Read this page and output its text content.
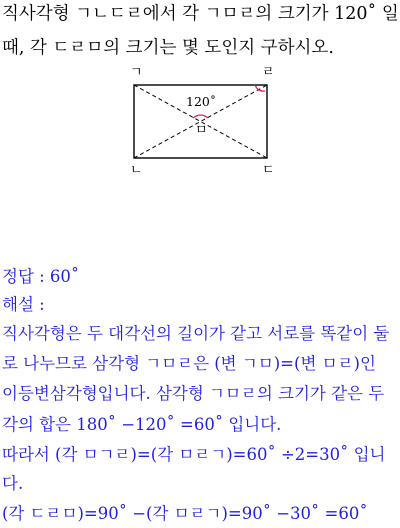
직사각형 ㄱㄴㄷㄹ에서 각 ㄱㅁㄹ의 크기가 120˚ 일
때, 각 ㄷㄹㅁ의 크기는 몇 도인지 구하시오.
ㄱ	ㄹ
ㄴ	ㄷ
ㅁ
120˚
정답 : 60˚
해설 :
직사각형은 두 대각선의 길이가 같고 서로를 똑같이 둘
로 나누므로 삼각형 ㄱㅁㄹ은 (변 ㄱㅁ)=(변 ㅁㄹ)인
이등변삼각형입니다. 삼각형 ㄱㅁㄹ의 크기가 같은 두
각의 합은 180˚ −120˚ =60˚ 입니다.
따라서 (각 ㅁㄱㄹ)=(각 ㅁㄹㄱ)=60˚ ÷2=30˚ 입니
다.
(각 ㄷㄹㅁ)=90˚ −(각 ㅁㄹㄱ)=90˚ −30˚ =60˚
